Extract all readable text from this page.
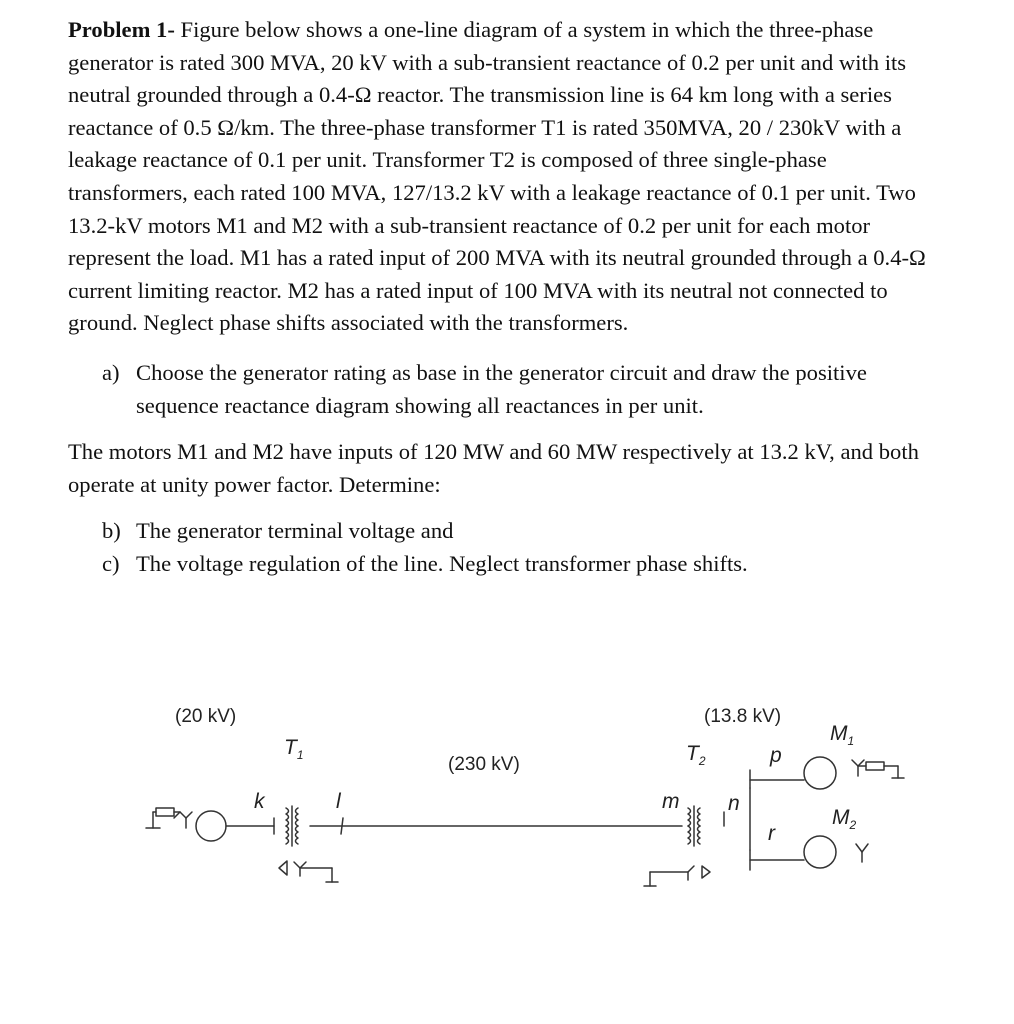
Problem 1- Figure below shows a one-line diagram of a system in which the three-phase generator is rated 300 MVA, 20 kV with a sub-transient reactance of 0.2 per unit and with its neutral grounded through a 0.4-Ω reactor. The transmission line is 64 km long with a series reactance of 0.5 Ω/km. The three-phase transformer T1 is rated 350MVA, 20 / 230kV with a leakage reactance of 0.1 per unit. Transformer T2 is composed of three single-phase transformers, each rated 100 MVA, 127/13.2 kV with a leakage reactance of 0.1 per unit. Two 13.2-kV motors M1 and M2 with a sub-transient reactance of 0.2 per unit for each motor represent the load. M1 has a rated input of 200 MVA with its neutral grounded through a 0.4-Ω current limiting reactor. M2 has a rated input of 100 MVA with its neutral not connected to ground. Neglect phase shifts associated with the transformers.

a) Choose the generator rating as base in the generator circuit and draw the positive sequence reactance diagram showing all reactances in per unit.

The motors M1 and M2 have inputs of 120 MW and 60 MW respectively at 13.2 kV, and both operate at unity power factor. Determine:

b) The generator terminal voltage and
c) The voltage regulation of the line. Neglect transformer phase shifts.
(20 kV)
(230 kV)
(13.8 kV)
$T_1$	$T_2$
$M_1$
$M_2$
k	l	m n
p
r
